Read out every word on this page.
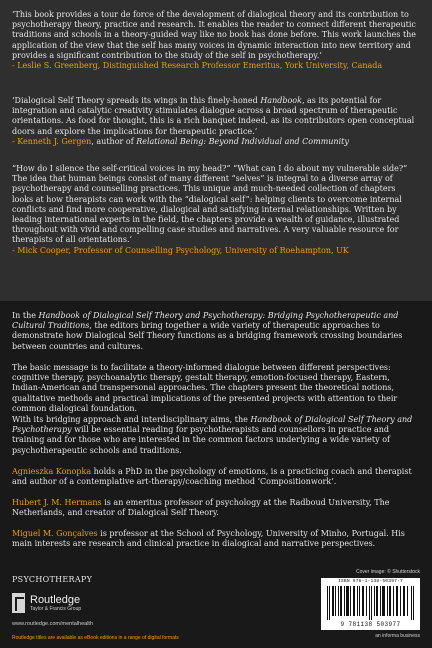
‘This book provides a tour de force of the development of dialogical theory and its contribution to psychotherapy theory, practice and research. It enables the reader to connect different therapeutic traditions and schools in a theory-guided way like no book has done before. This work launches the application of the view that the self has many voices in dynamic interaction into new territory and provides a significant contribution to the study of the self in psychotherapy.’

- Leslie S. Greenberg, Distinguished Research Professor Emeritus, York University, Canada

‘Dialogical Self Theory spreads its wings in this finely-honed Handbook, as its potential for integration and catalytic creativity stimulates dialogue across a broad spectrum of therapeutic orientations. As food for thought, this is a rich banquet indeed, as its contributors open conceptual doors and explore the implications for therapeutic practice.’

- Kenneth J. Gergen, author of Relational Being: Beyond Individual and Community

“How do I silence the self-critical voices in my head?” “What can I do about my vulnerable side?” The idea that human beings consist of many different “selves” is integral to a diverse array of psychotherapy and counselling practices. This unique and much-needed collection of chapters looks at how therapists can work with the “dialogical self”: helping clients to overcome internal conflicts and find more cooperative, dialogical and satisfying internal relationships. Written by leading international experts in the field, the chapters provide a wealth of guidance, illustrated throughout with vivid and compelling case studies and narratives. A very valuable resource for therapists of all orientations.’

- Mick Cooper, Professor of Counselling Psychology, University of Roehampton, UK

In the Handbook of Dialogical Self Theory and Psychotherapy: Bridging Psychotherapeutic and Cultural Traditions, the editors bring together a wide variety of therapeutic approaches to demonstrate how Dialogical Self Theory functions as a bridging framework crossing boundaries between countries and cultures.

The basic message is to facilitate a theory-informed dialogue between different perspectives: cognitive therapy, psychoanalytic therapy, gestalt therapy, emotion-focused therapy, Eastern, Indian-American and transpersonal approaches. The chapters present the theoretical notions, qualitative methods and practical implications of the presented projects with attention to their common dialogical foundation.

With its bridging approach and interdisciplinary aims, the Handbook of Dialogical Self Theory and Psychotherapy will be essential reading for psychotherapists and counsellors in practice and training and for those who are interested in the common factors underlying a wide variety of psychotherapeutic schools and traditions.

Agnieszka Konopka holds a PhD in the psychology of emotions, is a practicing coach and therapist and author of a contemplative art-therapy/coaching method ‘Compositionwork’.

Hubert J. M. Hermans is an emeritus professor of psychology at the Radboud University, The Netherlands, and creator of Dialogical Self Theory.

Miguel M. Gonçalves is professor at the School of Psychology, University of Minho, Portugal. His main interests are research and clinical practice in dialogical and narrative perspectives.

PSYCHOTHERAPY
Routledge
Taylor & Francis Group
www.routledge.com/mentalhealth
Routledge titles are available as eBook editions in a range of digital formats
Cover image: © Shutterstock
ISBN 978-1-138-50397-7
9 781138 503977
an informa business
